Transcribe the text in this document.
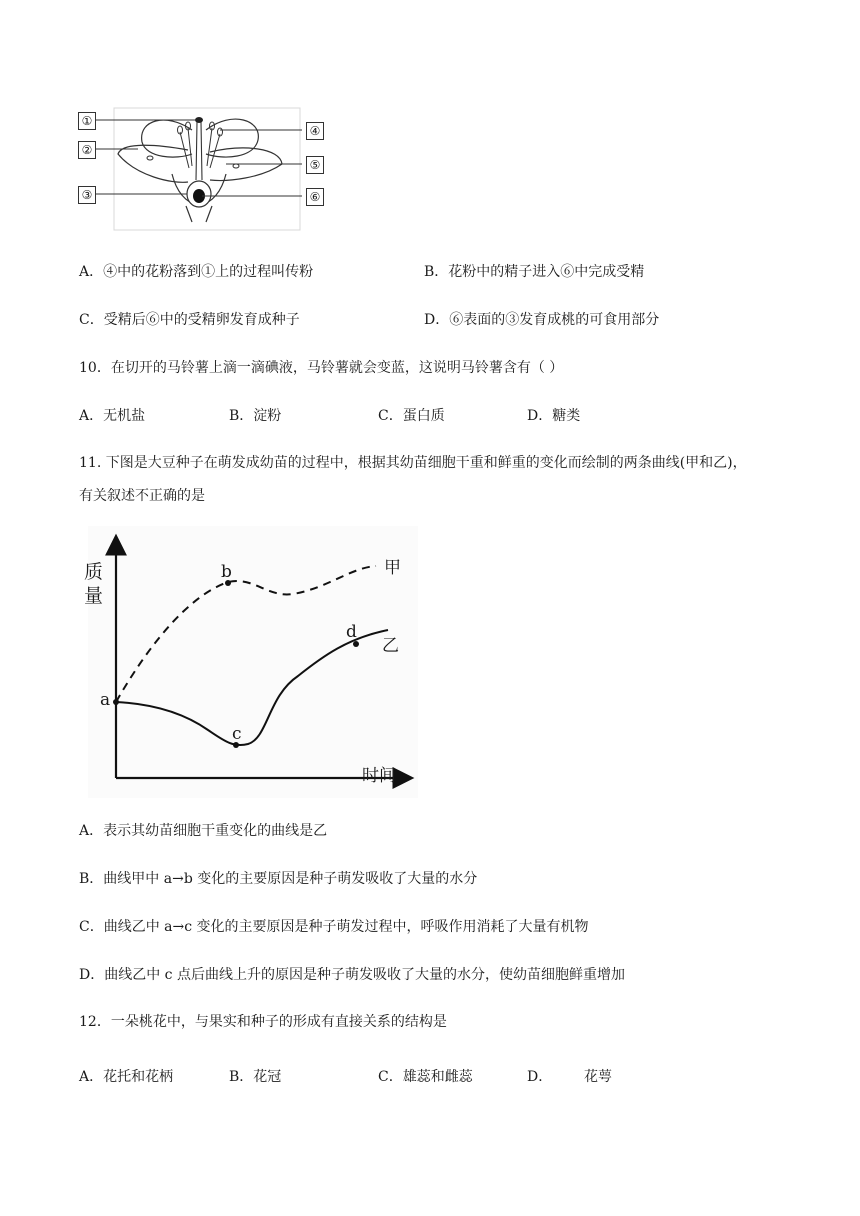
①
②
③
④
⑤
⑥
A．④中的花粉落到①上的过程叫传粉	B．花粉中的精子进入⑥中完成受精
C．受精后⑥中的受精卵发育成种子	D．⑥表面的③发育成桃的可食用部分
10．在切开的马铃薯上滴一滴碘液，马铃薯就会变蓝，这说明马铃薯含有（ ）
A．无机盐	B．淀粉	C．蛋白质	D．糖类
11. 下图是大豆种子在萌发成幼苗的过程中，根据其幼苗细胞干重和鲜重的变化而绘制的两条曲线(甲和乙)，
有关叙述不正确的是
质量
时间
甲
乙
a
b
c
d
A．表示其幼苗细胞干重变化的曲线是乙
B．曲线甲中 a→b 变化的主要原因是种子萌发吸收了大量的水分
C．曲线乙中 a→c 变化的主要原因是种子萌发过程中，呼吸作用消耗了大量有机物
D．曲线乙中 c 点后曲线上升的原因是种子萌发吸收了大量的水分，使幼苗细胞鲜重增加
12．一朵桃花中，与果实和种子的形成有直接关系的结构是
A．花托和花柄	B．花冠	C．雄蕊和雌蕊	D． 花萼
